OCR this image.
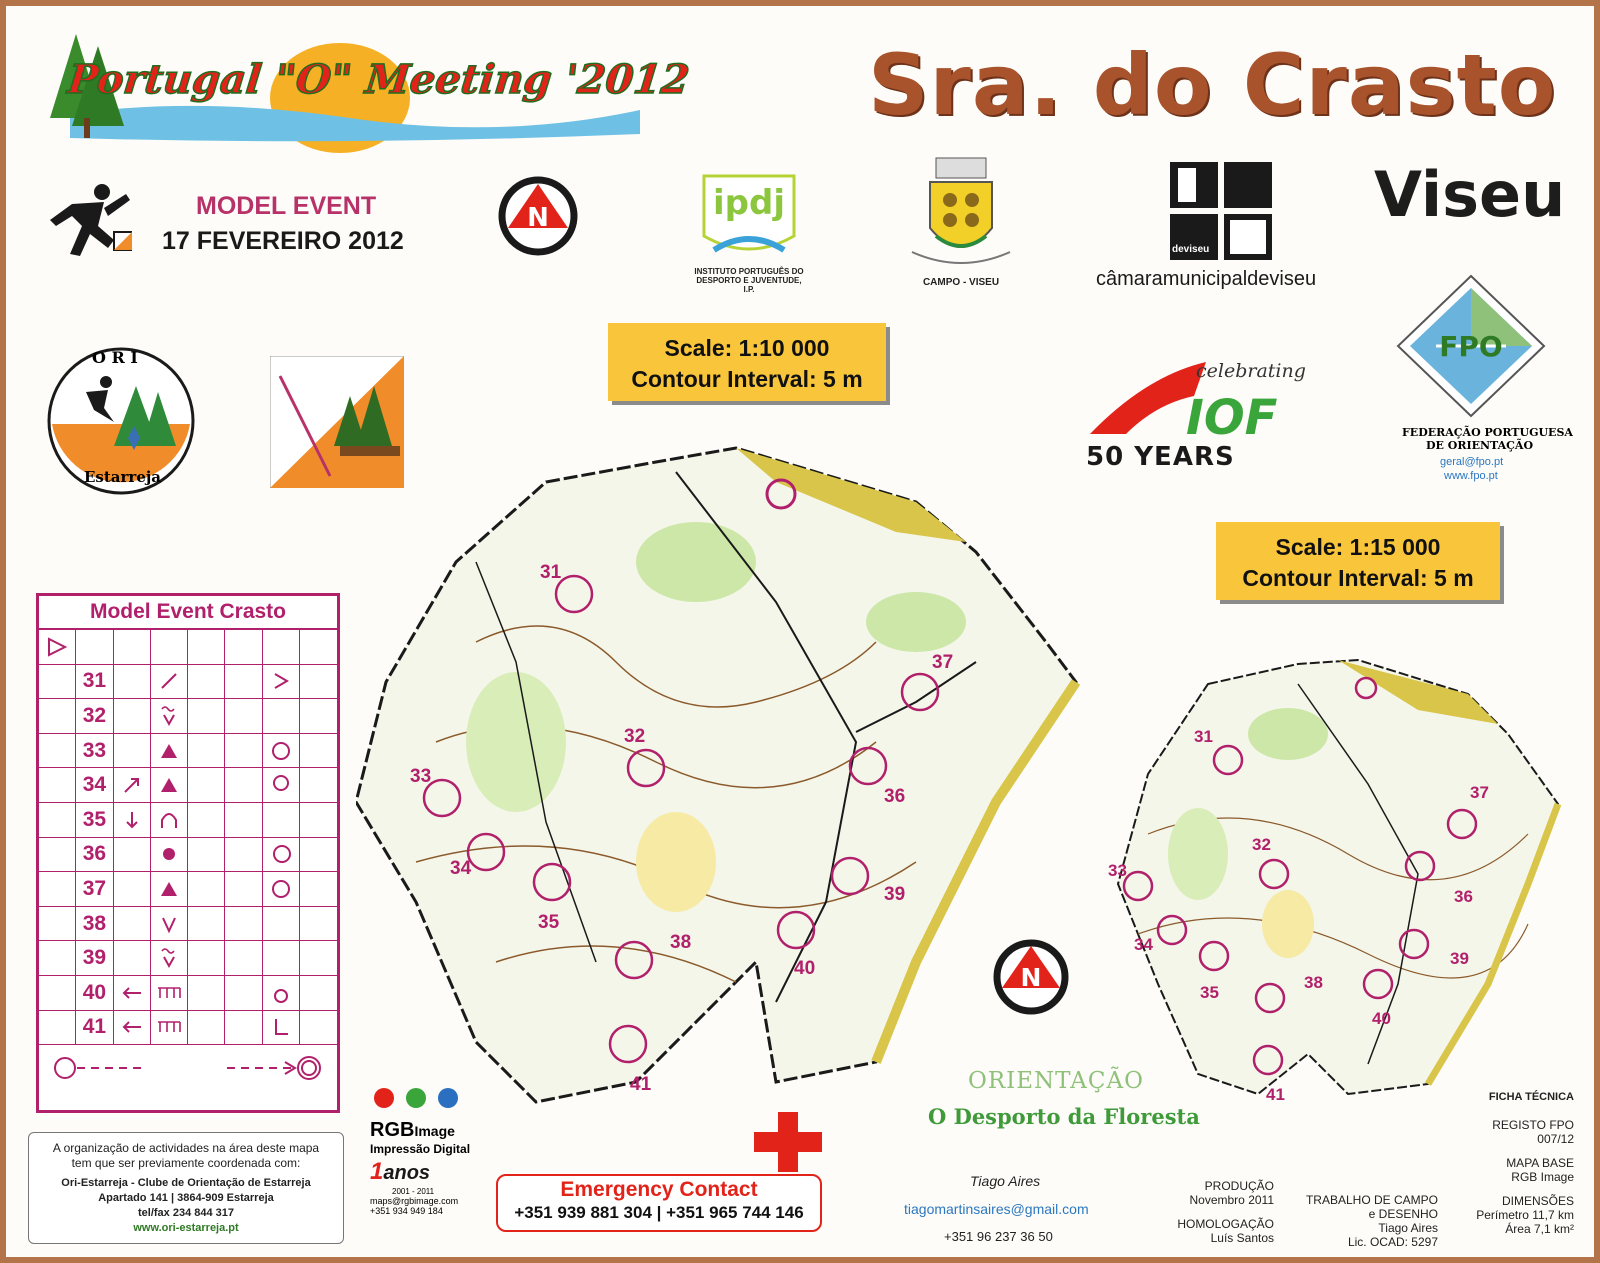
Portugal "O" Meeting '2012 Sra. do Crasto
Viseu
MODEL EVENT
17 FEVEREIRO 2012
N	ipdj
INSTITUTO PORTUGUÊS DO DESPORTO E JUVENTUDE, I.P.
CAMPO - VISEU
deviseu
câmaramunicipaldeviseu
O R I
Estarreja
Scale: 1:10 000
Contour Interval: 5 m
Scale: 1:15 000
Contour Interval: 5 m
IOF
celebrating
50 YEARS
FPO
FEDERAÇÃO PORTUGUESA
DE ORIENTAÇÃO
geral@fpo.pt
www.fpo.pt
31
32
33
34
35
36
37
38
39
40
41
31
32
33
34
35
36
37
38
39
40
41
N
Model Event Crasto
31
32
33
34
35
36
37
38
39
40
41
A organização de actividades na área deste mapa
tem que ser previamente coordenada com:
Ori-Estarreja - Clube de Orientação de Estarreja
Apartado 141 | 3864-909 Estarreja
tel/fax 234 844 317
www.ori-estarreja.pt
RGBImage
Impressão Digital
1anos
2001 - 2011
maps@rgbimage.com
+351 934 949 184
Emergency Contact
+351 939 881 304 | +351 965 744 146
ORIENTAÇÃO
O Desporto da Floresta
Tiago Aires
tiagomartinsaires@gmail.com
+351 96 237 36 50
PRODUÇÃO
Novembro 2011
HOMOLOGAÇÃO
Luís Santos
TRABALHO DE CAMPO
e DESENHO
Tiago Aires
Lic. OCAD: 5297
FICHA TÉCNICA
REGISTO FPO
007/12
MAPA BASE
RGB Image
DIMENSÕES
Perímetro 11,7 km
Área 7,1 km²
